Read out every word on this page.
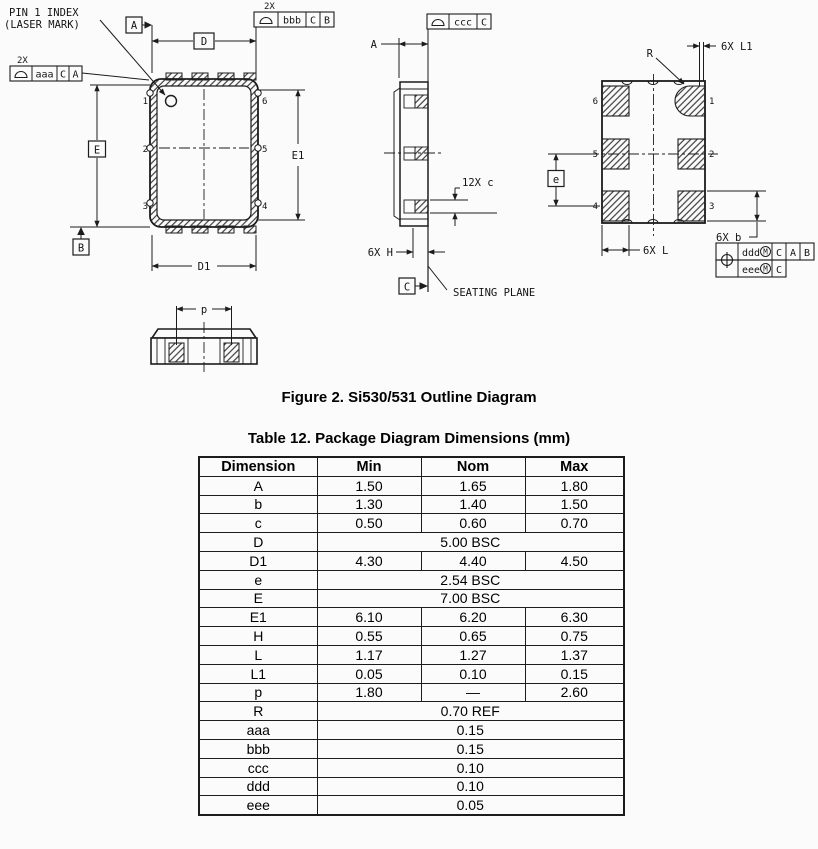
1	6
2	5
3	4
PIN 1 INDEX
(LASER MARK)
2X
aaa C A
A
D
2X
bbb C B
E
B
E1
D1
A
ccc C
12X c
6X H
SEATING PLANE
C
6	1
5	2
4	3
R
6X L1
e
6X b
6X L	ddd M C A B
eee M C
p
Figure 2. Si530/531 Outline Diagram
Table 12. Package Diagram Dimensions (mm)
Dimension	Min	Nom	Max
A	1.50	1.65	1.80
b	1.30	1.40	1.50
c	0.50	0.60	0.70
D	5.00 BSC		
D1	4.30	4.40	4.50
e	2.54 BSC		
E	7.00 BSC		
E1	6.10	6.20	6.30
H	0.55	0.65	0.75
L	1.17	1.27	1.37
L1	0.05	0.10	0.15
p	1.80	—	2.60
R	0.70 REF		
aaa	0.15		
bbb	0.15		
ccc	0.10		
ddd	0.10		
eee	0.05		
